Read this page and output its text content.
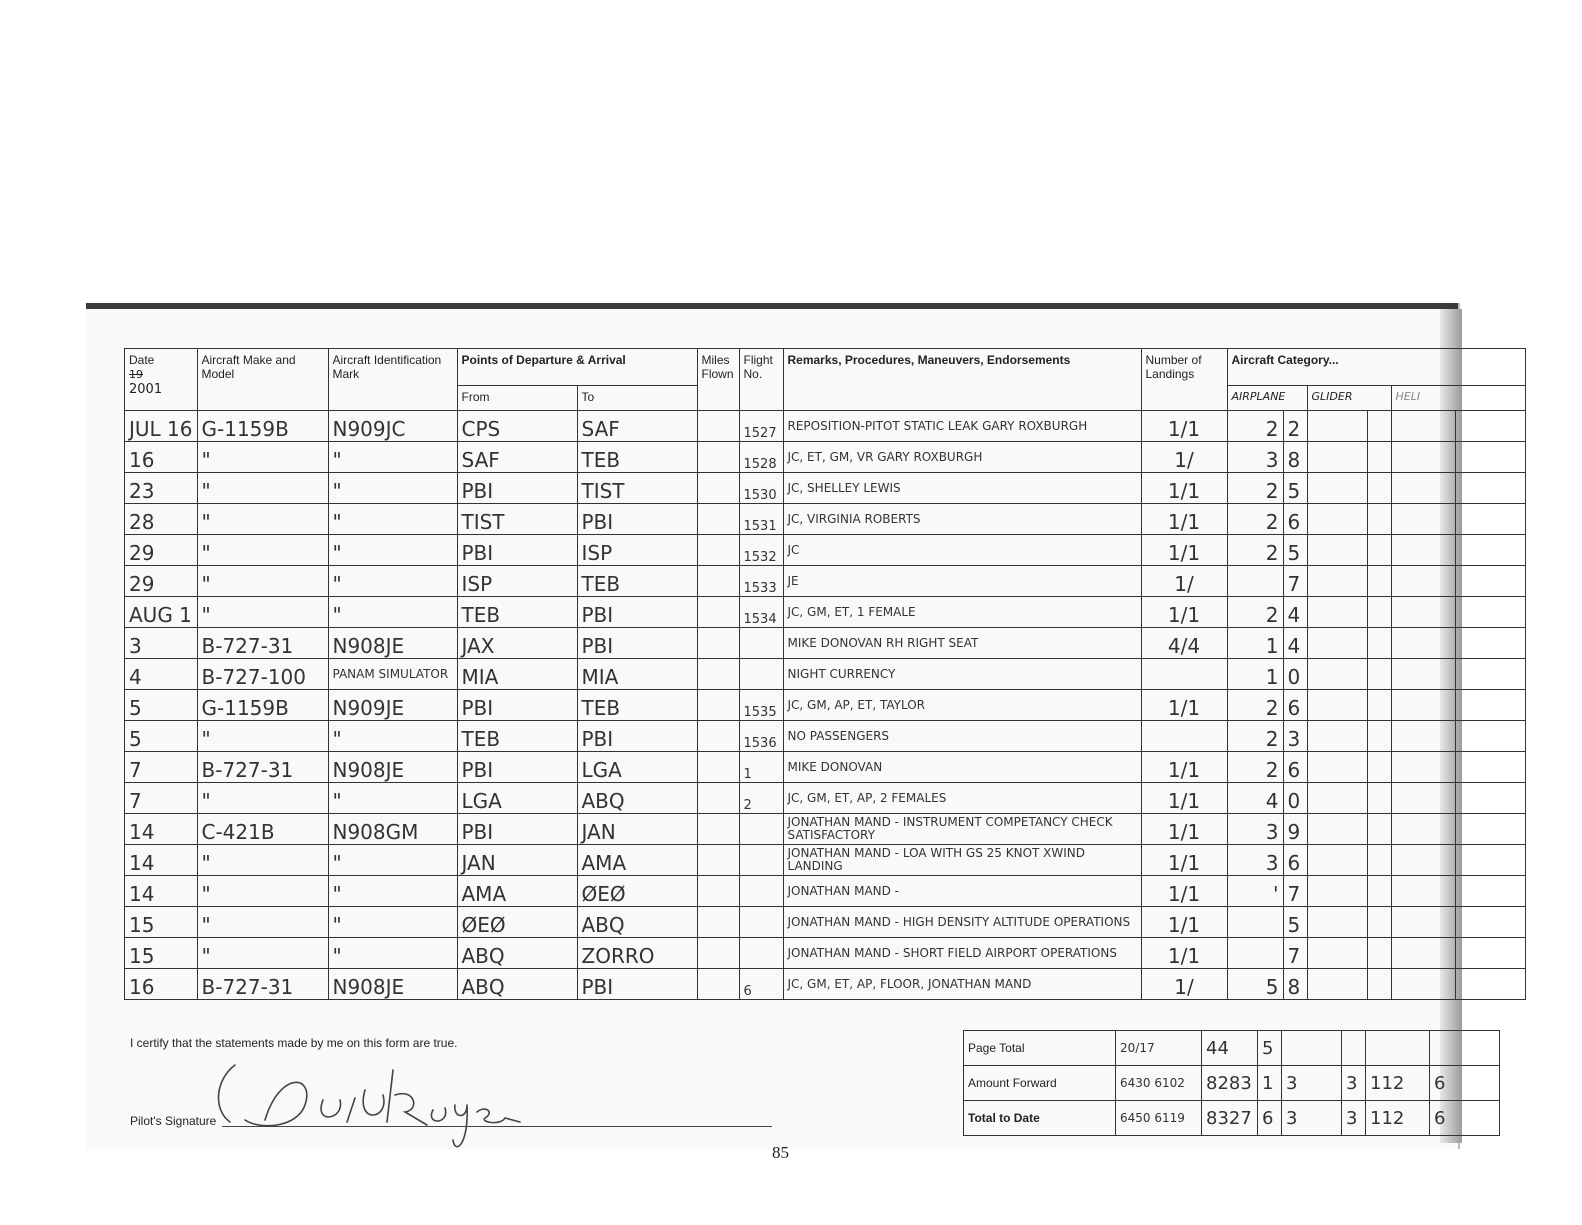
Date
19
2001	Aircraft Make and Model	Aircraft Identification Mark	Points of Departure & Arrival		Miles Flown	Flight No.	Remarks, Procedures, Maneuvers, Endorsements	Number of Landings	Aircraft Category...					
			From	To					AIRPLANE		GLIDER		HELI	
JUL 16	G-1159B	N909JC	CPS	SAF		1527	REPOSITION-PITOT STATIC LEAK GARY ROXBURGH	1/1	2	2				
16	"	"	SAF	TEB		1528	JC, ET, GM, VR GARY ROXBURGH	1/	3	8				
23	"	"	PBI	TIST		1530	JC, SHELLEY LEWIS	1/1	2	5				
28	"	"	TIST	PBI		1531	JC, VIRGINIA ROBERTS	1/1	2	6				
29	"	"	PBI	ISP		1532	JC	1/1	2	5				
29	"	"	ISP	TEB		1533	JE	1/		7				
AUG 1	"	"	TEB	PBI		1534	JC, GM, ET, 1 FEMALE	1/1	2	4				
3	B-727-31	N908JE	JAX	PBI			MIKE DONOVAN RH RIGHT SEAT	4/4	1	4				
4	B-727-100	PANAM SIMULATOR	MIA	MIA			NIGHT CURRENCY		1	0				
5	G-1159B	N909JE	PBI	TEB		1535	JC, GM, AP, ET, TAYLOR	1/1	2	6				
5	"	"	TEB	PBI		1536	NO PASSENGERS		2	3				
7	B-727-31	N908JE	PBI	LGA		1	MIKE DONOVAN	1/1	2	6				
7	"	"	LGA	ABQ		2	JC, GM, ET, AP, 2 FEMALES	1/1	4	0				
14	C-421B	N908GM	PBI	JAN			JONATHAN MAND - INSTRUMENT COMPETANCY CHECK SATISFACTORY	1/1	3	9				
14	"	"	JAN	AMA			JONATHAN MAND - LOA WITH GS 25 KNOT XWIND LANDING	1/1	3	6				
14	"	"	AMA	ØEØ			JONATHAN MAND -	1/1	'	7				
15	"	"	ØEØ	ABQ			JONATHAN MAND - HIGH DENSITY ALTITUDE OPERATIONS	1/1		5				
15	"	"	ABQ	ZORRO			JONATHAN MAND - SHORT FIELD AIRPORT OPERATIONS	1/1		7				
16	B-727-31	N908JE	ABQ	PBI		6	JC, GM, ET, AP, FLOOR, JONATHAN MAND	1/	5	8				
I certify that the statements made by me on this form are true.
Pilot's Signature
Page Total	20/17	44	5				
Amount Forward	6430 6102	8283	1	3	3	112	6
Total to Date	6450 6119	8327	6	3	3	112	6
85
